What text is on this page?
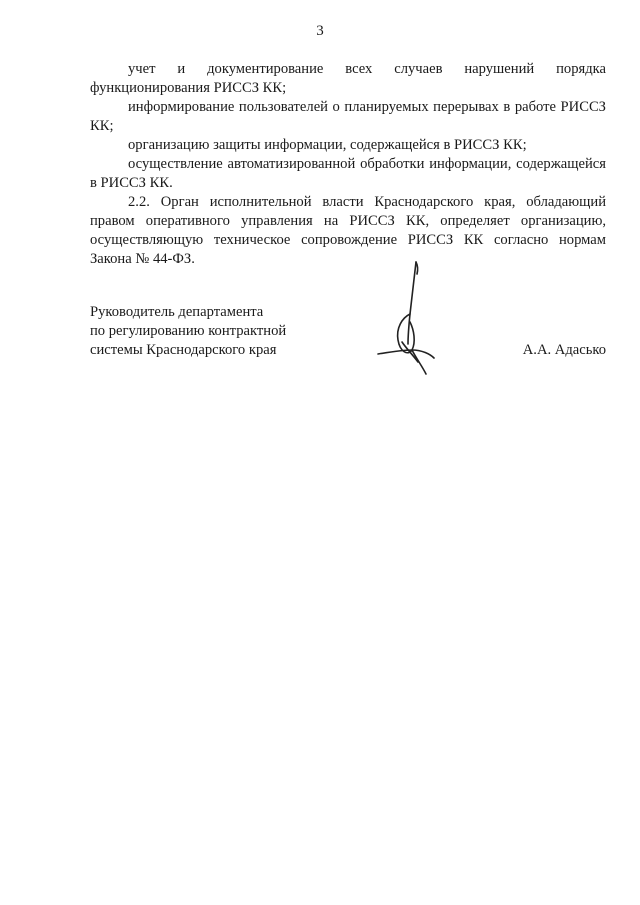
3

учет и документирование всех случаев нарушений порядка функционирования РИССЗ КК;

информирование пользователей о планируемых перерывах в работе РИССЗ КК;

организацию защиты информации, содержащейся в РИССЗ КК;

осуществление автоматизированной обработки информации, содержащейся в РИССЗ КК.

2.2. Орган исполнительной власти Краснодарского края, обладающий правом оперативного управления на РИССЗ КК, определяет организацию, осуществляющую техническое сопровождение РИССЗ КК согласно нормам Закона № 44-ФЗ.

Руководитель департамента
по регулированию контрактной
системы Краснодарского края	А.А. Адасько
